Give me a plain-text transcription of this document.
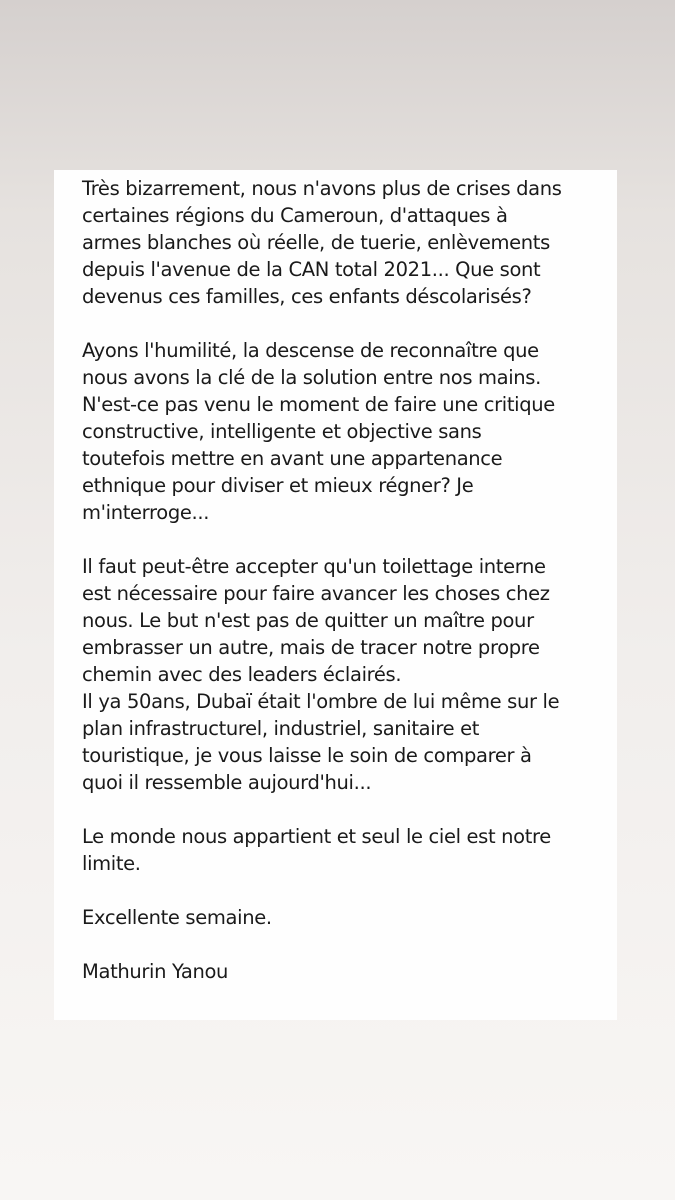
Très bizarrement, nous n'avons plus de crises dans
certaines régions du Cameroun, d'attaques à
armes blanches où réelle, de tuerie, enlèvements
depuis l'avenue de la CAN total 2021... Que sont
devenus ces familles, ces enfants déscolarisés?
Ayons l'humilité, la descense de reconnaître que
nous avons la clé de la solution entre nos mains.
N'est-ce pas venu le moment de faire une critique
constructive, intelligente et objective sans
toutefois mettre en avant une appartenance
ethnique pour diviser et mieux régner? Je
m'interroge...
Il faut peut-être accepter qu'un toilettage interne
est nécessaire pour faire avancer les choses chez
nous. Le but n'est pas de quitter un maître pour
embrasser un autre, mais de tracer notre propre
chemin avec des leaders éclairés.
Il ya 50ans, Dubaï était l'ombre de lui même sur le
plan infrastructurel, industriel, sanitaire et
touristique, je vous laisse le soin de comparer à
quoi il ressemble aujourd'hui...
Le monde nous appartient et seul le ciel est notre
limite.
Excellente semaine.
Mathurin Yanou
